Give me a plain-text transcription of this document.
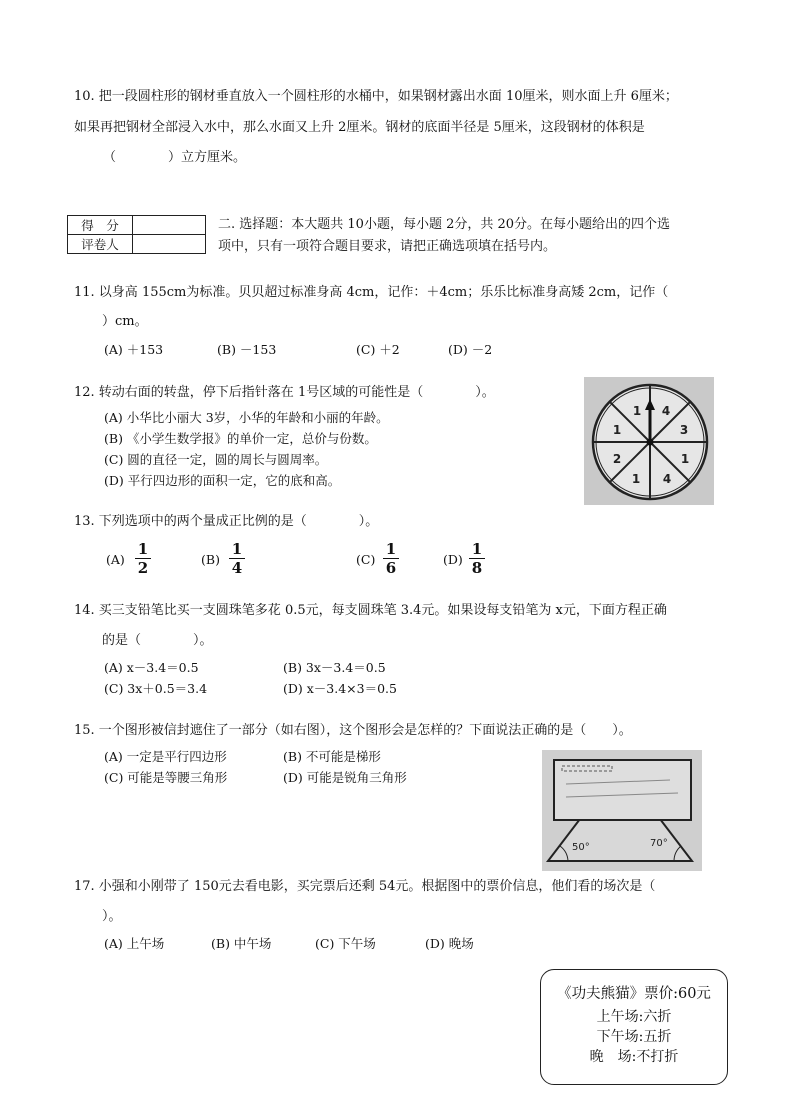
10. 把一段圆柱形的钢材垂直放入一个圆柱形的水桶中，如果钢材露出水面 10厘米，则水面上升 6厘米；
如果再把钢材全部浸入水中，那么水面又上升 2厘米。钢材的底面半径是 5厘米，这段钢材的体积是
（　　　　）立方厘米。
得　分	
评卷人	
二. 选择题：本大题共 10小题，每小题 2分，共 20分。在每小题给出的四个选
项中，只有一项符合题目要求，请把正确选项填在括号内。
11. 以身高 155cm为标准。贝贝超过标准身高 4cm，记作：＋4cm；乐乐比标准身高矮 2cm，记作（
）cm。
(A) ＋153	(B) －153	(C) ＋2	(D) －2
12. 转动右面的转盘，停下后指针落在 1号区域的可能性是（　　　　）。
(A) 小华比小丽大 3岁，小华的年龄和小丽的年龄。
(B) 《小学生数学报》的单价一定，总价与份数。
(C) 圆的直径一定，圆的周长与圆周率。
(D) 平行四边形的面积一定，它的底和高。
1 4
3
1
4
1
2
1
13. 下列选项中的两个量成正比例的是（　　　　）。
(A)
1
2	(B)
1
4	(C)
1
6	(D)
1
8
14. 买三支铅笔比买一支圆珠笔多花 0.5元，每支圆珠笔 3.4元。如果设每支铅笔为 x元，下面方程正确
的是（　　　　）。
(A) x－3.4＝0.5	(B) 3x－3.4＝0.5
(C) 3x＋0.5＝3.4	(D) x－3.4×3＝0.5
15. 一个图形被信封遮住了一部分（如右图），这个图形会是怎样的？下面说法正确的是（　　）。
(A) 一定是平行四边形	(B) 不可能是梯形
(C) 可能是等腰三角形	(D) 可能是锐角三角形
50°	70°
17. 小强和小刚带了 150元去看电影，买完票后还剩 54元。根据图中的票价信息，他们看的场次是（
）。
(A) 上午场	(B) 中午场	(C) 下午场	(D) 晚场
《功夫熊猫》票价:60元
上午场:六折
下午场:五折
晚　场:不打折
